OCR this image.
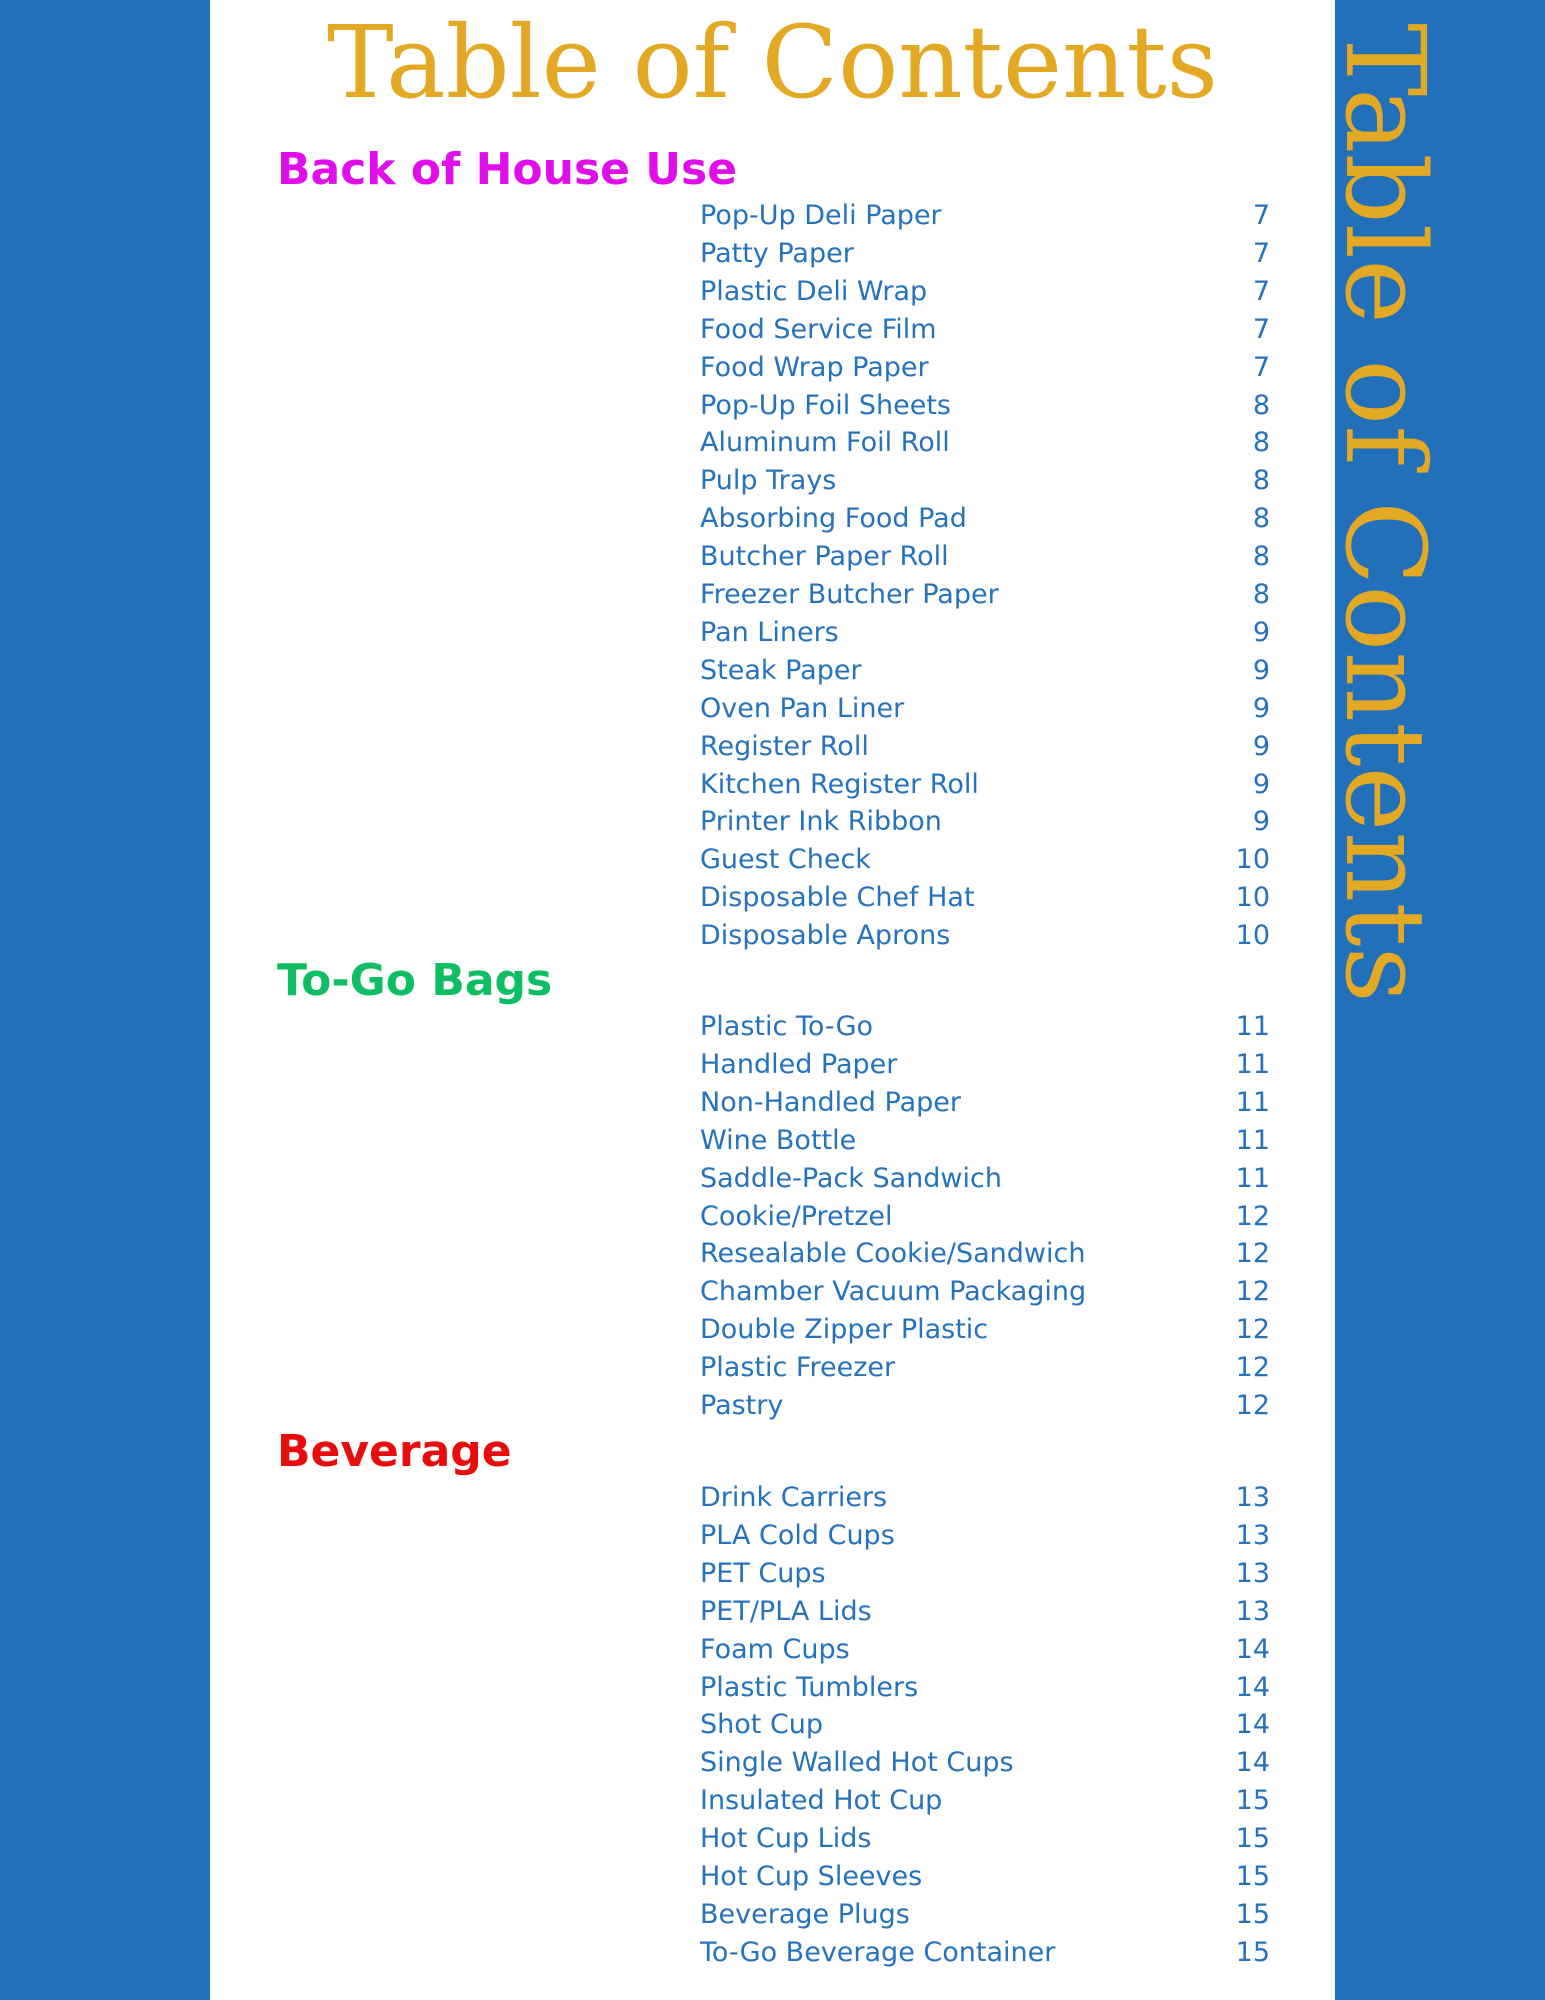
Table of Contents
Table of Contents
Back of House Use
Pop-Up Deli Paper	7
Patty Paper	7
Plastic Deli Wrap	7
Food Service Film	7
Food Wrap Paper	7
Pop-Up Foil Sheets	8
Aluminum Foil Roll	8
Pulp Trays	8
Absorbing Food Pad	8
Butcher Paper Roll	8
Freezer Butcher Paper	8
Pan Liners	9
Steak Paper	9
Oven Pan Liner	9
Register Roll	9
Kitchen Register Roll	9
Printer Ink Ribbon	9
Guest Check	10
Disposable Chef Hat	10
Disposable Aprons	10
To-Go Bags
Plastic To-Go	11
Handled Paper	11
Non-Handled Paper	11
Wine Bottle	11
Saddle-Pack Sandwich	11
Cookie/Pretzel	12
Resealable Cookie/Sandwich	12
Chamber Vacuum Packaging	12
Double Zipper Plastic	12
Plastic Freezer	12
Pastry	12
Beverage
Drink Carriers	13
PLA Cold Cups	13
PET Cups	13
PET/PLA Lids	13
Foam Cups	14
Plastic Tumblers	14
Shot Cup	14
Single Walled Hot Cups	14
Insulated Hot Cup	15
Hot Cup Lids	15
Hot Cup Sleeves	15
Beverage Plugs	15
To-Go Beverage Container	15
